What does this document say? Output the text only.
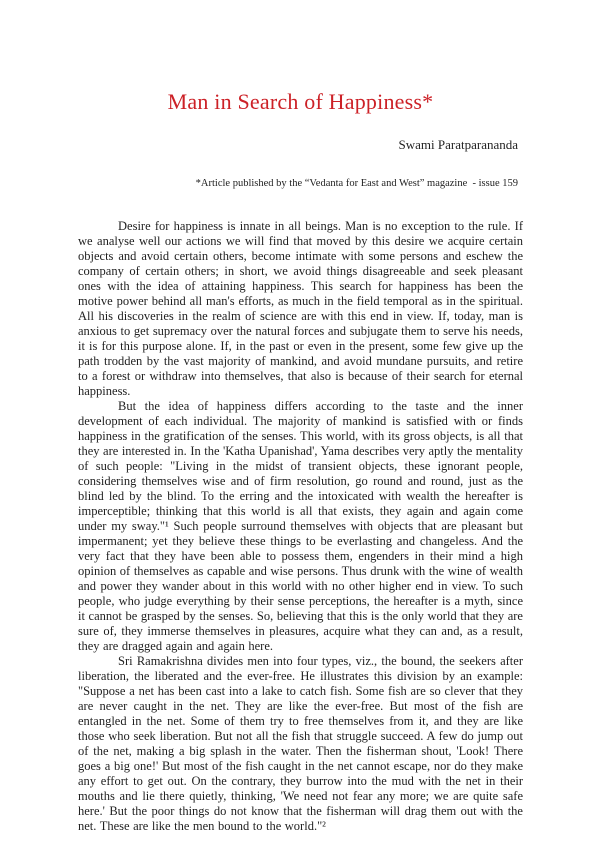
Man in Search of Happiness*
Swami Paratparananda
*Article published by the “Vedanta for East and West” magazine  - issue 159

Desire for happiness is innate in all beings. Man is no exception to the rule. If we analyse well our actions we will find that moved by this desire we acquire certain objects and avoid certain others, become intimate with some persons and eschew the company of certain others; in short, we avoid things disagreeable and seek pleasant ones with the idea of attaining happiness. This search for happiness has been the motive power behind all man's efforts, as much in the field temporal as in the spiritual. All his discoveries in the realm of science are with this end in view. If, today, man is anxious to get supremacy over the natural forces and subjugate them to serve his needs, it is for this purpose alone. If, in the past or even in the present, some few give up the path trodden by the vast majority of mankind, and avoid mundane pursuits, and retire to a forest or withdraw into themselves, that also is because of their search for eternal happiness.

But the idea of happiness differs according to the taste and the inner development of each individual. The majority of mankind is satisfied with or finds happiness in the gratification of the senses. This world, with its gross objects, is all that they are interested in. In the 'Katha Upanishad', Yama describes very aptly the mentality of such people: "Living in the midst of transient objects, these ignorant people, considering themselves wise and of firm resolution, go round and round, just as the blind led by the blind. To the erring and the intoxicated with wealth the hereafter is imperceptible; thinking that this world is all that exists, they again and again come under my sway."¹ Such people surround themselves with objects that are pleasant but impermanent; yet they believe these things to be everlasting and changeless. And the very fact that they have been able to possess them, engenders in their mind a high opinion of themselves as capable and wise persons. Thus drunk with the wine of wealth and power they wander about in this world with no other higher end in view. To such people, who judge everything by their sense perceptions, the hereafter is a myth, since it cannot be grasped by the senses. So, believing that this is the only world that they are sure of, they immerse themselves in pleasures, acquire what they can and, as a result, they are dragged again and again here.

Sri Ramakrishna divides men into four types, viz., the bound, the seekers after liberation, the liberated and the ever-free. He illustrates this division by an example: "Suppose a net has been cast into a lake to catch fish. Some fish are so clever that they are never caught in the net. They are like the ever-free. But most of the fish are entangled in the net. Some of them try to free themselves from it, and they are like those who seek liberation. But not all the fish that struggle succeed. A few do jump out of the net, making a big splash in the water. Then the fisherman shout, 'Look! There goes a big one!' But most of the fish caught in the net cannot escape, nor do they make any effort to get out. On the contrary, they burrow into the mud with the net in their mouths and lie there quietly, thinking, 'We need not fear any more; we are quite safe here.' But the poor things do not know that the fisherman will drag them out with the net. These are like the men bound to the world."²
